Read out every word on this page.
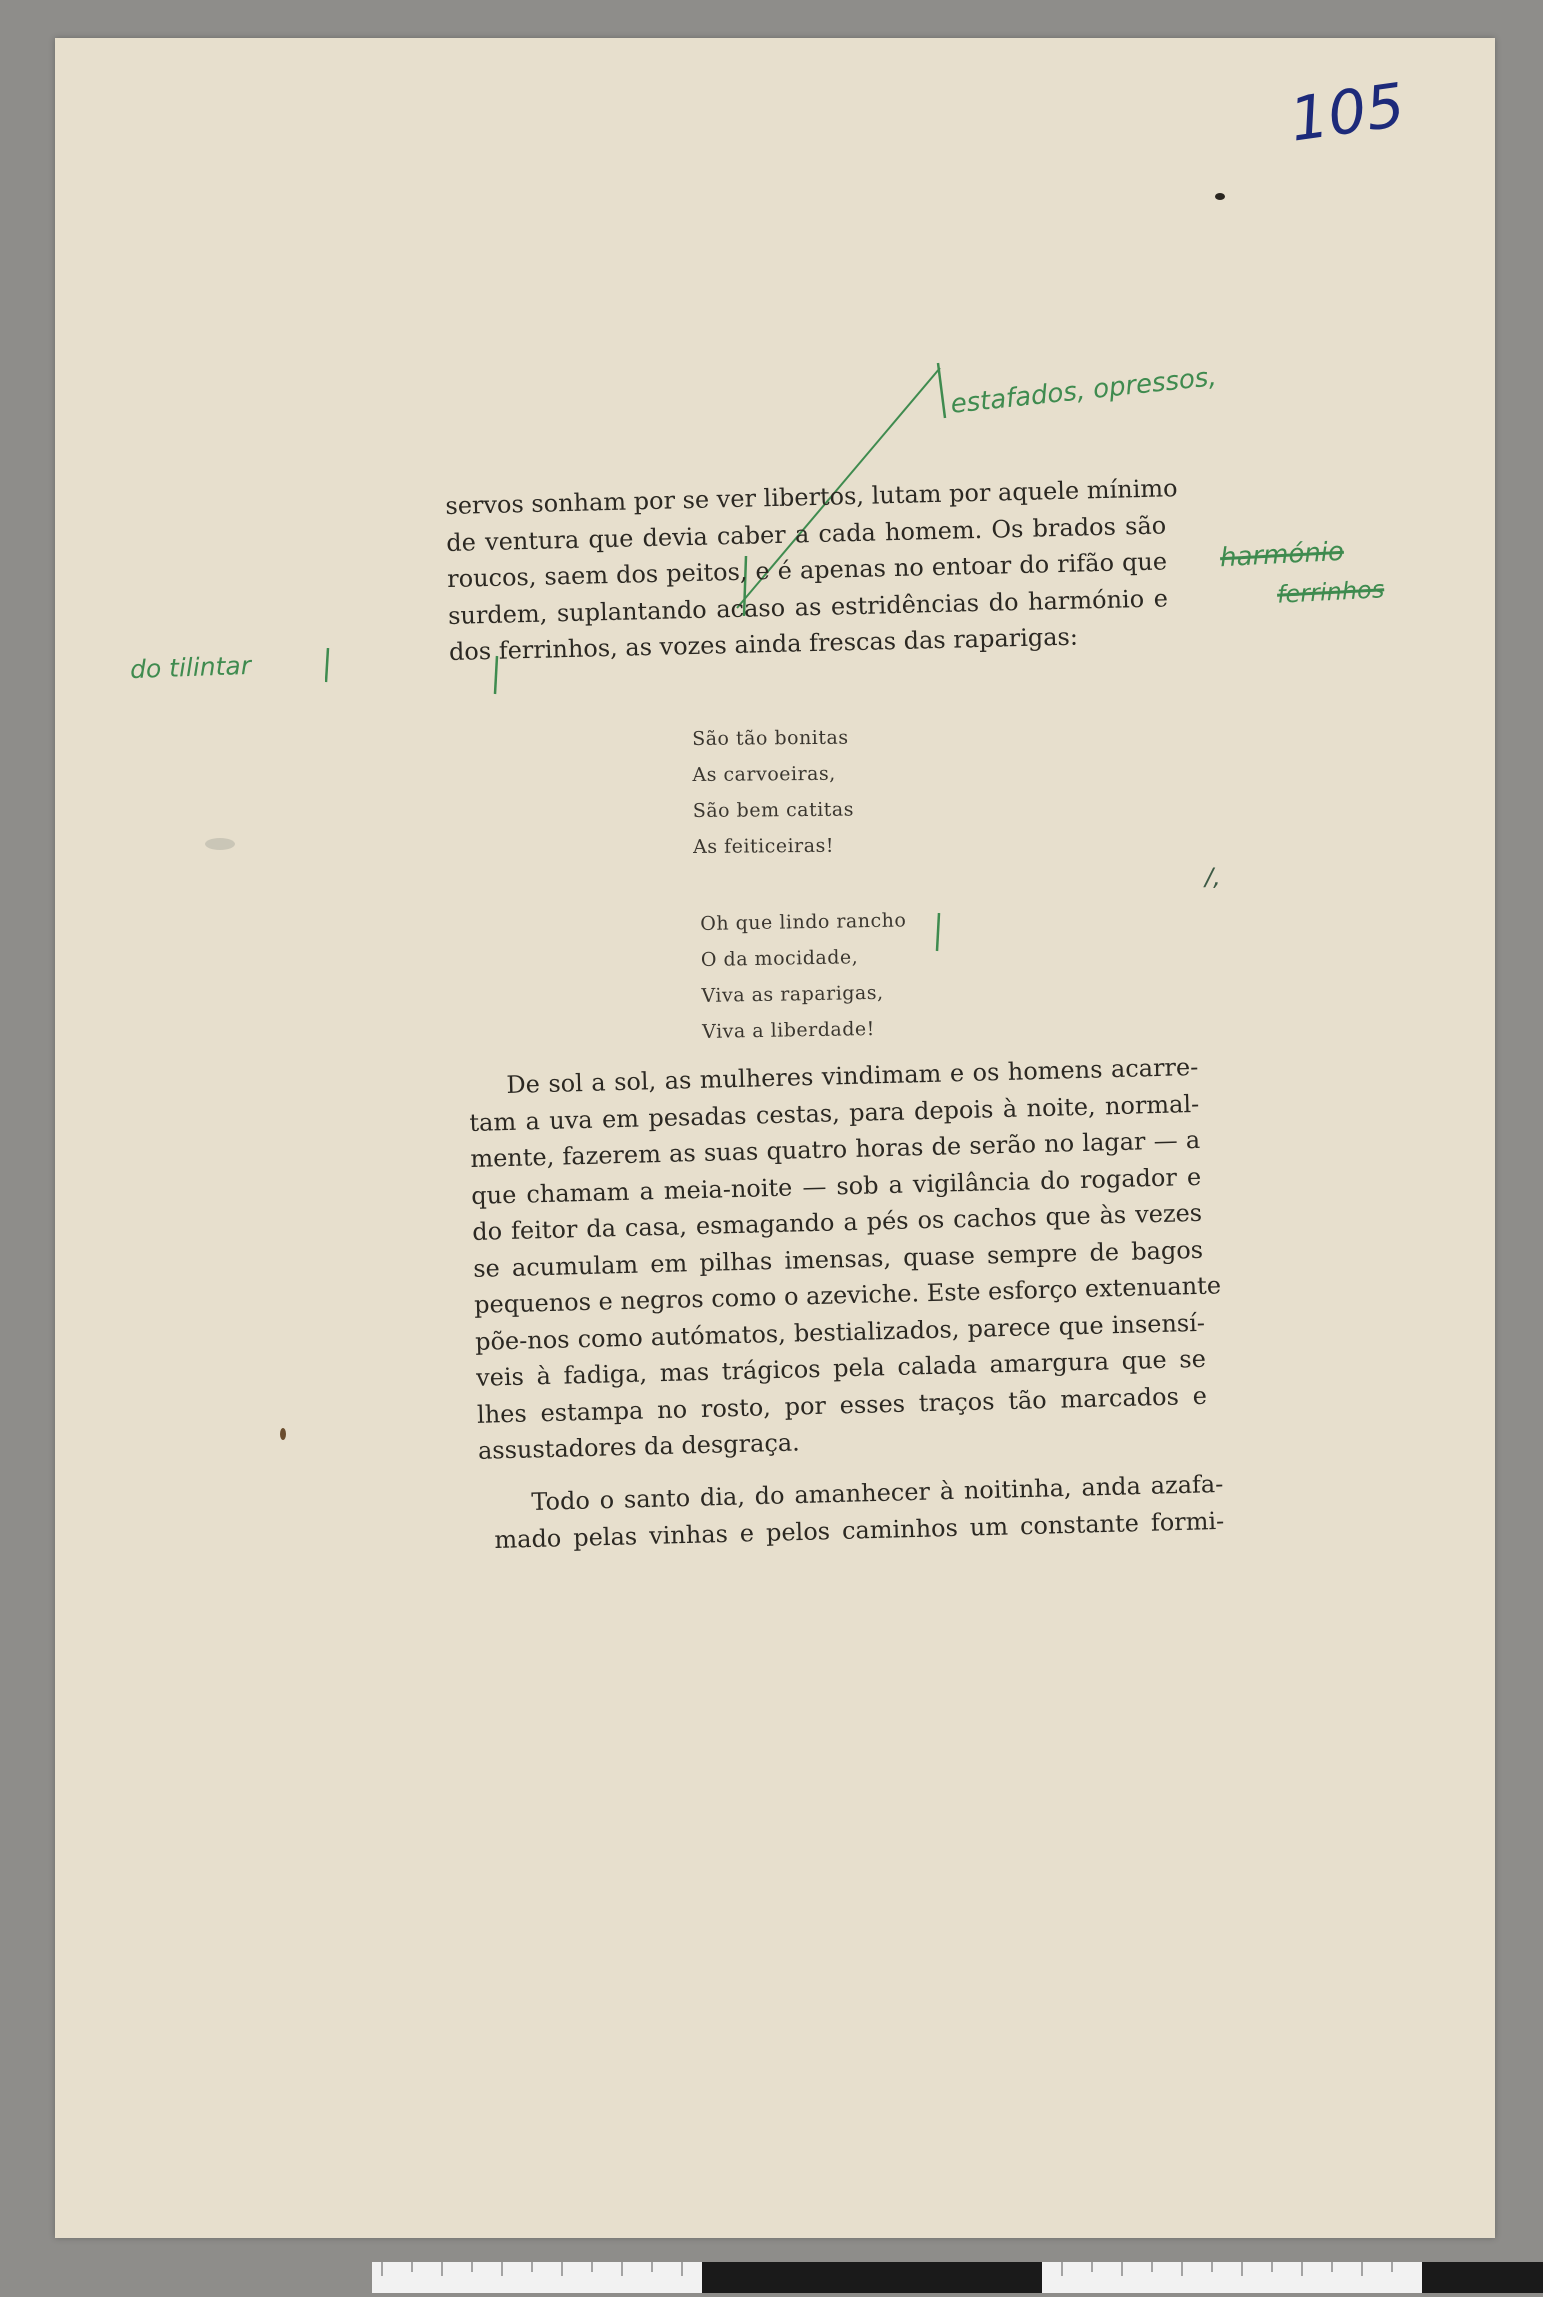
105
estafados, opressos,
do tilintar
harmónio
ferrinhos
servos sonham por se ver libertos, lutam por aquele mínimo
de ventura que devia caber a cada homem. Os brados são
roucos, saem dos peitos, e é apenas no entoar do rifão que
surdem, suplantando acaso as estridências do harmónio e
dos ferrinhos, as vozes ainda frescas das raparigas:
São tão bonitas
As carvoeiras,
São bem catitas
As feiticeiras!
Oh que lindo rancho
O da mocidade,
Viva as raparigas,
Viva a liberdade!
/,
De sol a sol, as mulheres vindimam e os homens acarre-
tam a uva em pesadas cestas, para depois à noite, normal-
mente, fazerem as suas quatro horas de serão no lagar — a
que chamam a meia-noite — sob a vigilância do rogador e
do feitor da casa, esmagando a pés os cachos que às vezes
se acumulam em pilhas imensas, quase sempre de bagos
pequenos e negros como o azeviche. Este esforço extenuante
põe-nos como autómatos, bestializados, parece que insensí-
veis à fadiga, mas trágicos pela calada amargura que se
lhes estampa no rosto, por esses traços tão marcados e
assustadores da desgraça.
Todo o santo dia, do amanhecer à noitinha, anda azafa-
mado pelas vinhas e pelos caminhos um constante formi-
